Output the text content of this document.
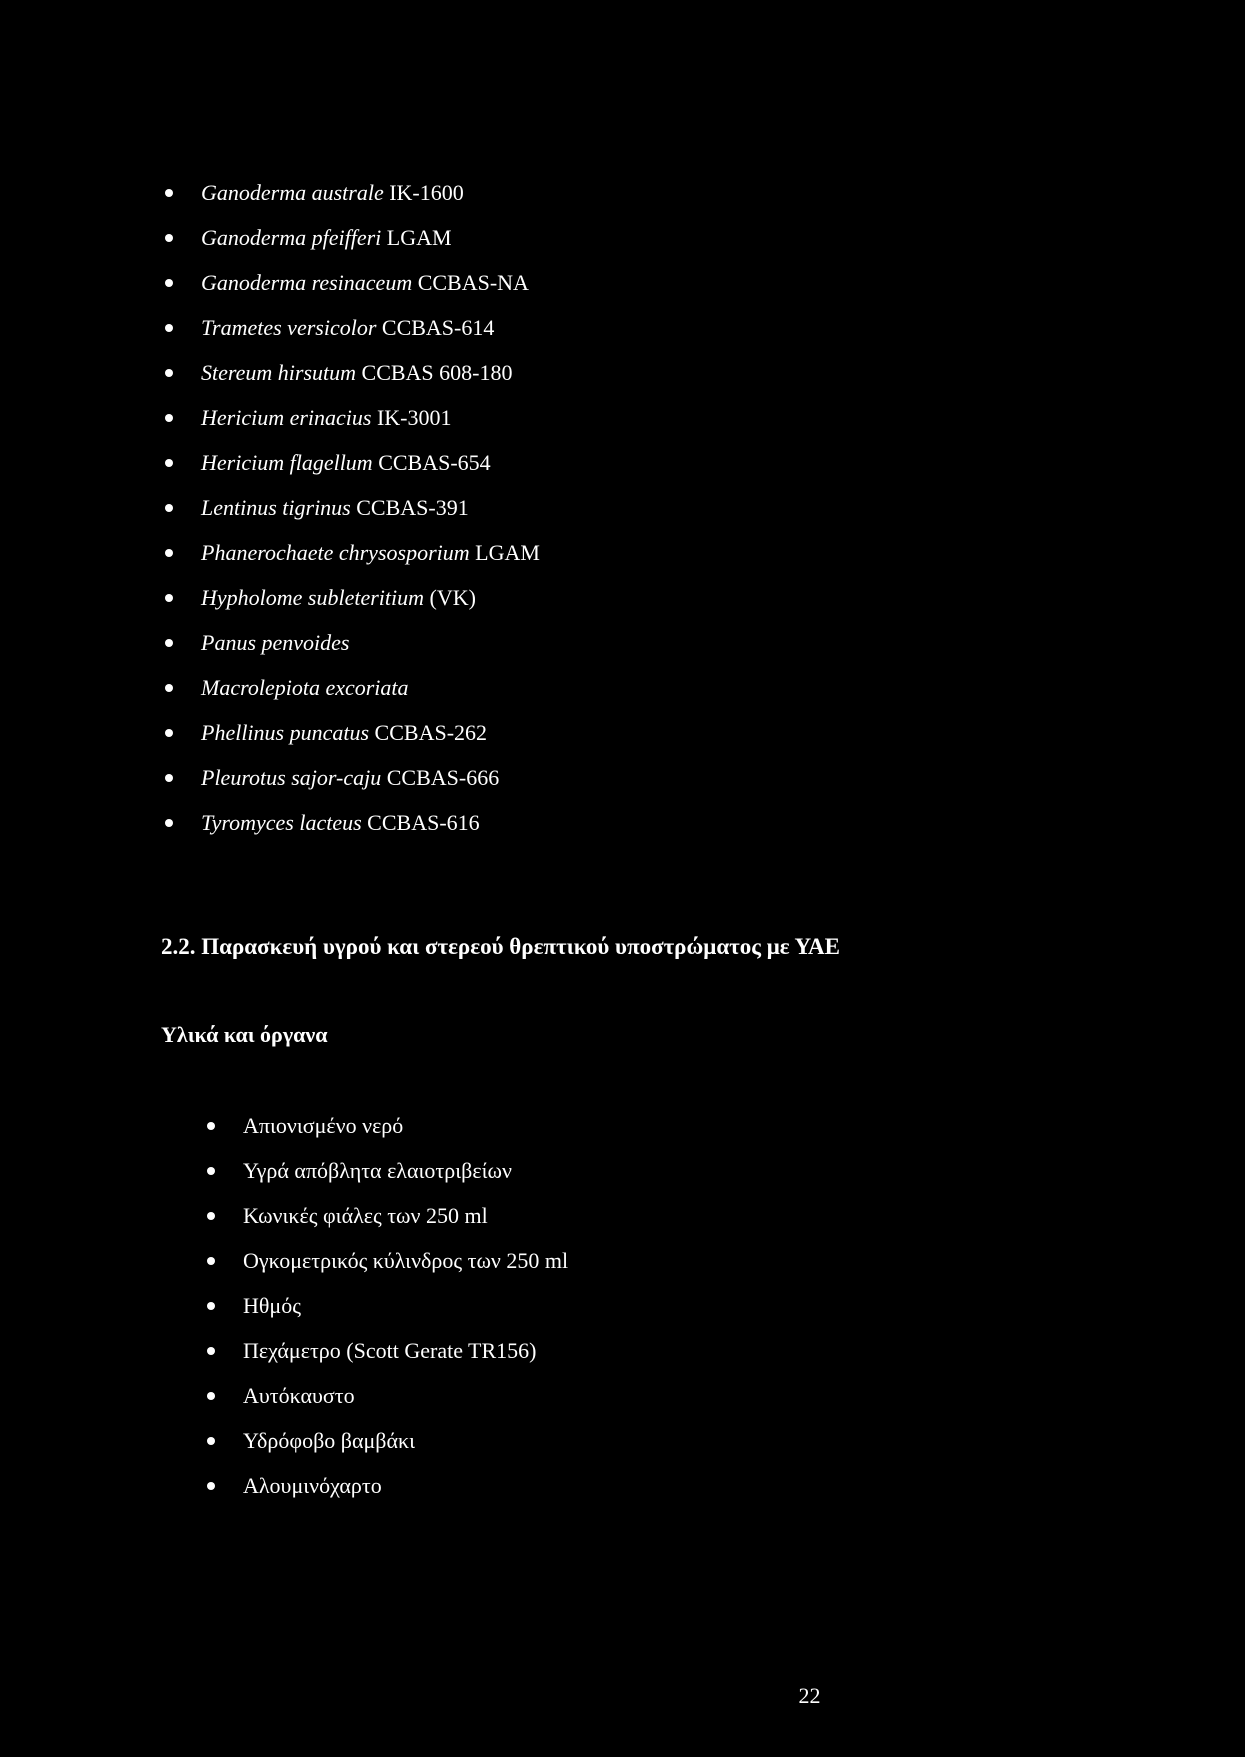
Ganoderma australe IK-1600
Ganoderma pfeifferi LGAM
Ganoderma resinaceum CCBAS-NA
Trametes versicolor CCBAS-614
Stereum hirsutum CCBAS 608-180
Hericium erinacius IK-3001
Hericium flagellum CCBAS-654
Lentinus tigrinus CCBAS-391
Phanerochaete chrysosporium LGAM
Hypholome subleteritium (VK)
Panus penvoides
Macrolepiota excoriata
Phellinus puncatus CCBAS-262
Pleurotus sajor-caju CCBAS-666
Tyromyces lacteus CCBAS-616
2.2. Παρασκευή υγρού και στερεού θρεπτικού υποστρώματος με ΥΑΕ
Υλικά και όργανα
Απιονισμένο νερό
Υγρά απόβλητα ελαιοτριβείων
Κωνικές φιάλες των 250 ml
Ογκομετρικός κύλινδρος των 250 ml
Ηθμός
Πεχάμετρο (Scott Gerate TR156)
Αυτόκαυστο
Υδρόφοβο βαμβάκι
Αλουμινόχαρτο
22
